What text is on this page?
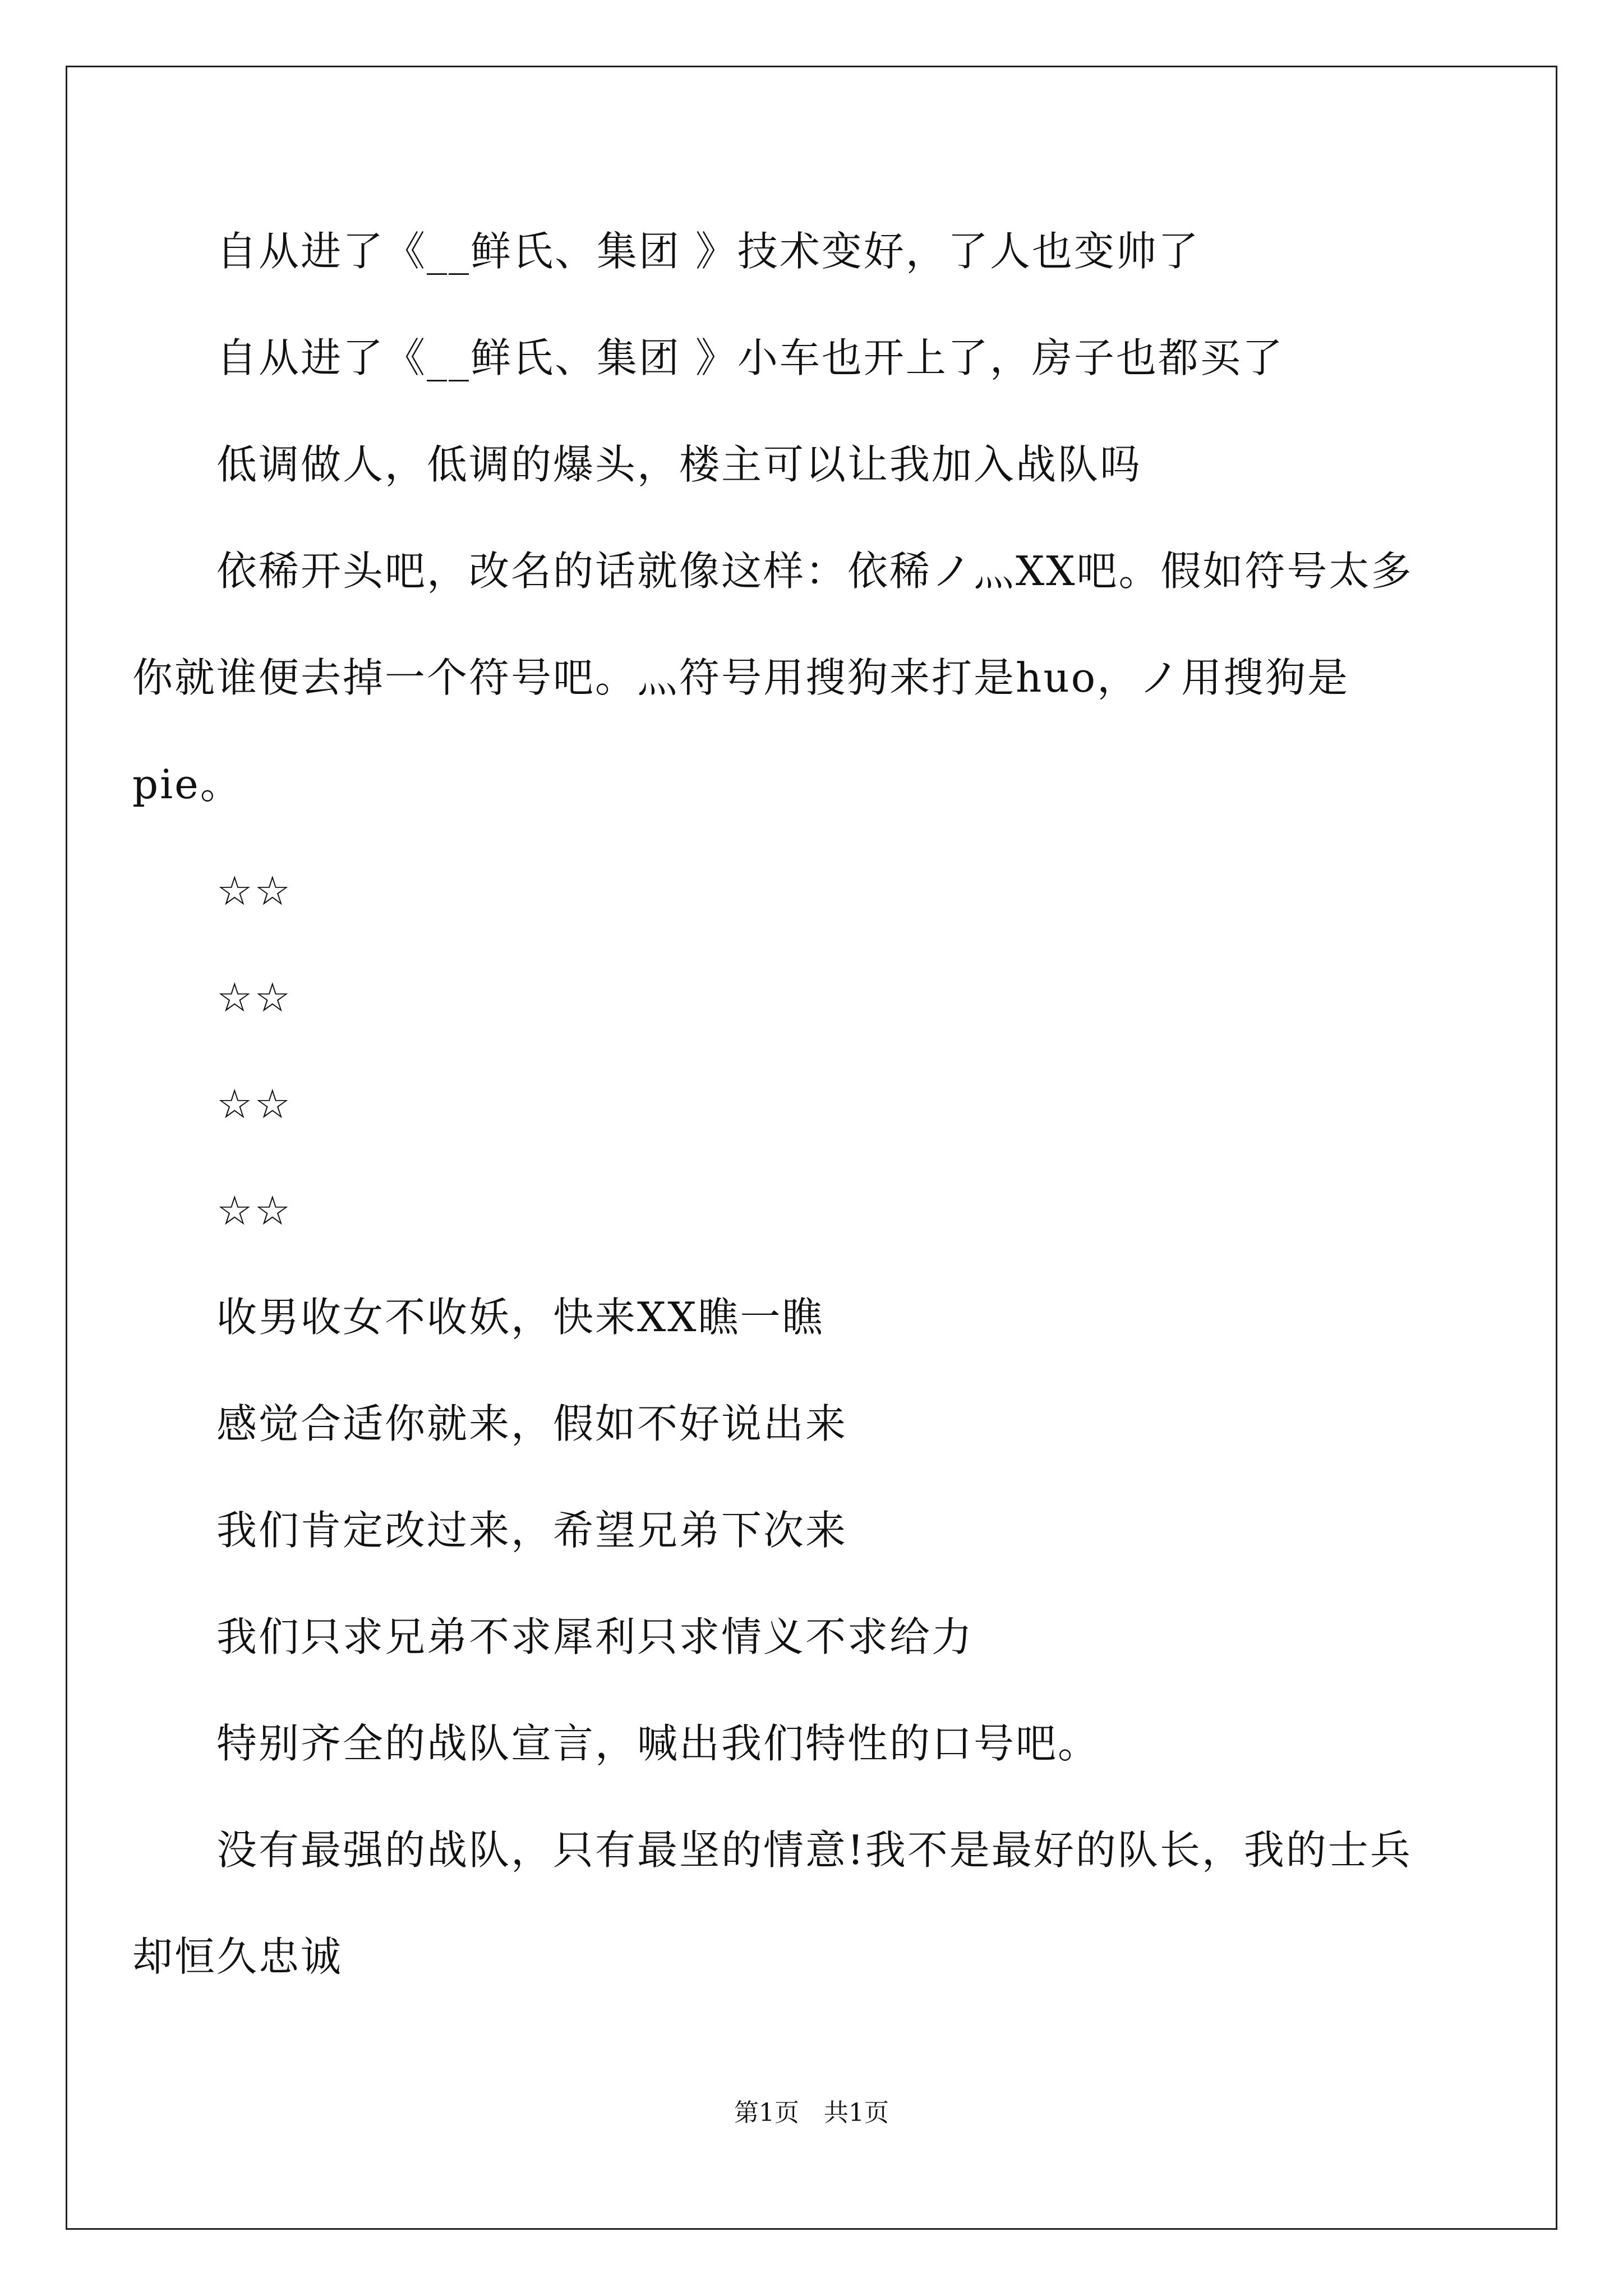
自从进了《__鲜氏、集团 》技术变好，了人也变帅了
自从进了《__鲜氏、集团 》小车也开上了，房子也都买了
低调做人，低调的爆头，楼主可以让我加入战队吗
依稀开头吧，改名的话就像这样：依稀ノ灬XX吧。假如符号太多
你就谁便去掉一个符号吧。灬符号用搜狗来打是huo，ノ用搜狗是
pie。
☆☆
☆☆
☆☆
☆☆
收男收女不收妖，快来XX瞧一瞧
感觉合适你就来，假如不好说出来
我们肯定改过来，希望兄弟下次来
我们只求兄弟不求犀利只求情义不求给力
特别齐全的战队宣言，喊出我们特性的口号吧。
没有最强的战队，只有最坚的情意!我不是最好的队长，我的士兵
却恒久忠诚
第1页　共1页
